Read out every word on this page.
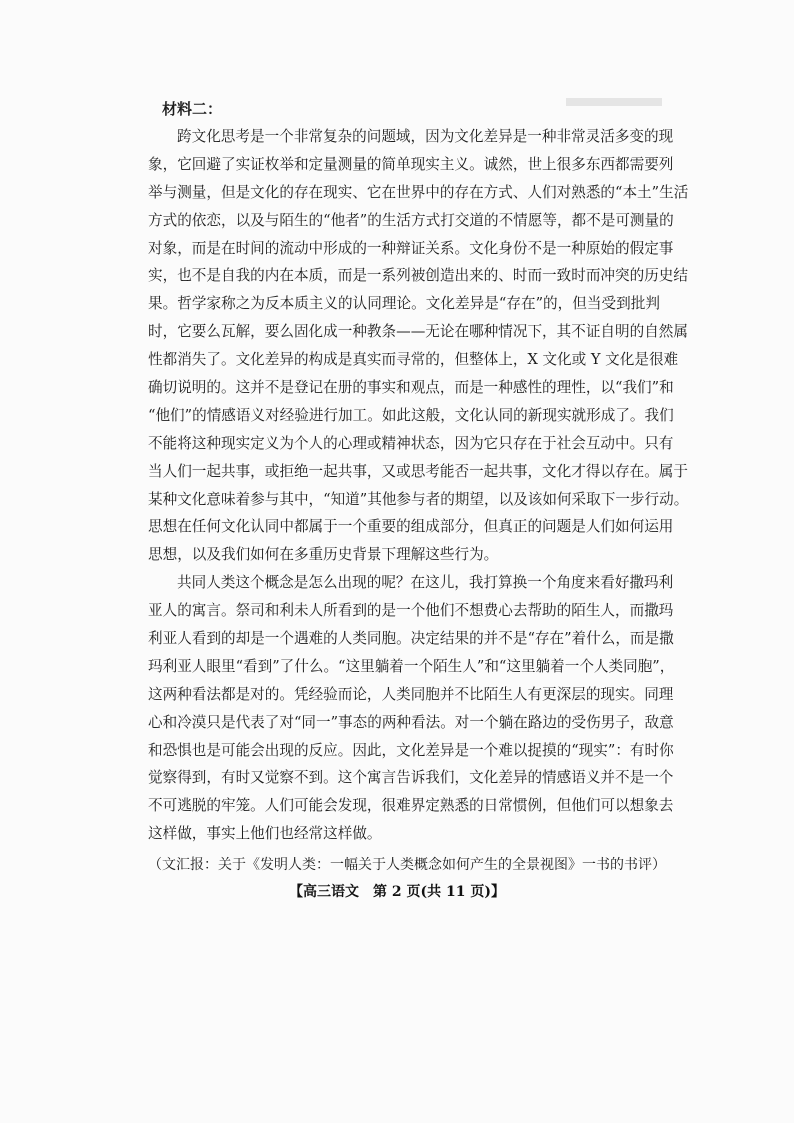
材料二：
跨文化思考是一个非常复杂的问题域，因为文化差异是一种非常灵活多变的现
象，它回避了实证枚举和定量测量的简单现实主义。诚然，世上很多东西都需要列
举与测量，但是文化的存在现实、它在世界中的存在方式、人们对熟悉的“本土”生活
方式的依恋，以及与陌生的“他者”的生活方式打交道的不情愿等，都不是可测量的
对象，而是在时间的流动中形成的一种辩证关系。文化身份不是一种原始的假定事
实，也不是自我的内在本质，而是一系列被创造出来的、时而一致时而冲突的历史结
果。哲学家称之为反本质主义的认同理论。文化差异是“存在”的，但当受到批判
时，它要么瓦解，要么固化成一种教条——无论在哪种情况下，其不证自明的自然属
性都消失了。文化差异的构成是真实而寻常的，但整体上，X 文化或 Y 文化是很难
确切说明的。这并不是登记在册的事实和观点，而是一种感性的理性，以“我们”和
“他们”的情感语义对经验进行加工。如此这般，文化认同的新现实就形成了。我们
不能将这种现实定义为个人的心理或精神状态，因为它只存在于社会互动中。只有
当人们一起共事，或拒绝一起共事，又或思考能否一起共事，文化才得以存在。属于
某种文化意味着参与其中，“知道”其他参与者的期望，以及该如何采取下一步行动。
思想在任何文化认同中都属于一个重要的组成部分，但真正的问题是人们如何运用
思想，以及我们如何在多重历史背景下理解这些行为。
共同人类这个概念是怎么出现的呢？在这儿，我打算换一个角度来看好撒玛利
亚人的寓言。祭司和利未人所看到的是一个他们不想费心去帮助的陌生人，而撒玛
利亚人看到的却是一个遇难的人类同胞。决定结果的并不是“存在”着什么，而是撒
玛利亚人眼里“看到”了什么。“这里躺着一个陌生人”和“这里躺着一个人类同胞”，
这两种看法都是对的。凭经验而论，人类同胞并不比陌生人有更深层的现实。同理
心和冷漠只是代表了对“同一”事态的两种看法。对一个躺在路边的受伤男子，敌意
和恐惧也是可能会出现的反应。因此，文化差异是一个难以捉摸的“现实”：有时你
觉察得到，有时又觉察不到。这个寓言告诉我们，文化差异的情感语义并不是一个
不可逃脱的牢笼。人们可能会发现，很难界定熟悉的日常惯例，但他们可以想象去
这样做，事实上他们也经常这样做。
（文汇报：关于《发明人类：一幅关于人类概念如何产生的全景视图》一书的书评）
【高三语文　第 2 页(共 11 页)】
